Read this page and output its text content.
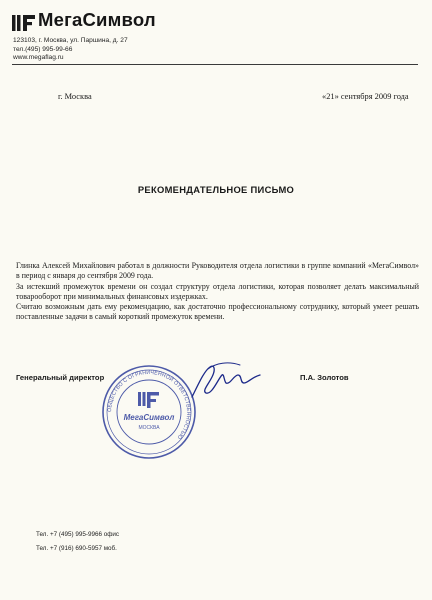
МегаСимвол
123103, г. Москва, ул. Паршина, д. 27
тел.(495) 995-99-66
www.megaflag.ru
г. Москва	«21» сентября 2009 года
РЕКОМЕНДАТЕЛЬНОЕ ПИСЬМО

Глинка Алексей Михайлович работал в должности Руководителя отдела логистики в группе компаний «МегаСимвол» в период с января до сентября 2009 года.

За истекший промежуток времени он создал структуру отдела логистики, которая позволяет делать максимальный товарооборот при минимальных финансовых издержках.

Считаю возможным дать ему рекомендацию, как достаточно профессиональному сотруднику, который умеет решать поставленные задачи в самый короткий промежуток времени.

Генеральный директор	П.А. Золотов
ОБЩЕСТВО С ОГРАНИЧЕННОЙ ОТВЕТСТВЕННОСТЬЮ
МегаСимвол
МОСКВА
Тел. +7 (495) 995-9966 офис
Тел. +7 (916) 690-5957 моб.
